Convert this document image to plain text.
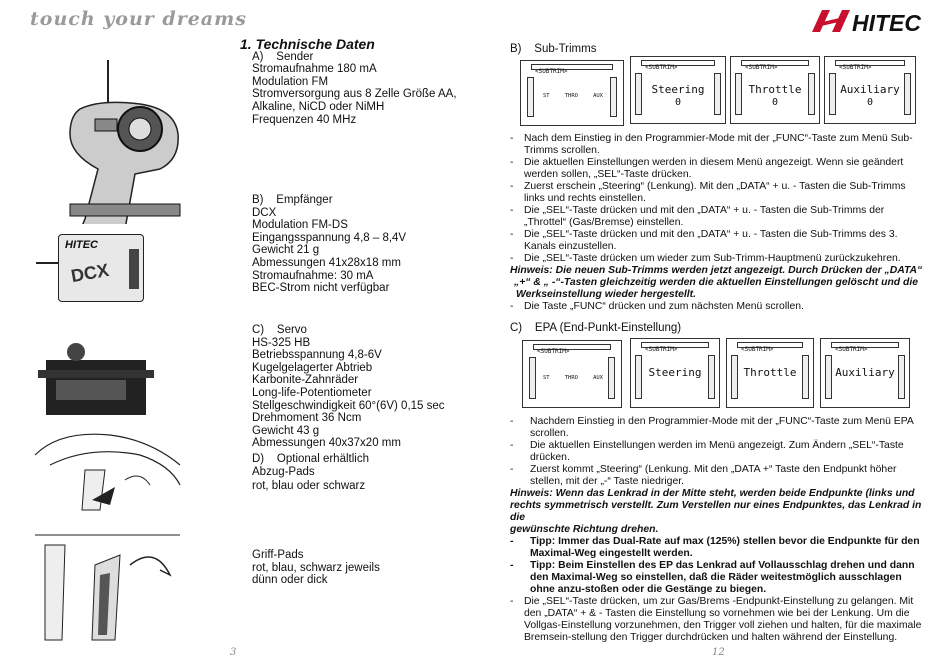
touch your dreams	HITEC
HITEC
DCX
1. Technische Daten
A)    Sender
Stromaufnahme 180 mA
Modulation FM
Stromversorgung aus 8 Zelle Größe AA,
Alkaline, NiCD oder NiMH
Frequenzen 40 MHz
B)    Empfänger
DCX
Modulation FM-DS
Eingangsspannung 4,8 – 8,4V
Gewicht 21 g
Abmessungen 41x28x18 mm
Stromaufnahme: 30 mA
BEC-Strom nicht verfügbar
C)    Servo
HS-325 HB
Betriebsspannung 4,8-6V
Kugelgelagerter Abtrieb
Karbonite-Zahnräder
Long-life-Potentiometer
Stellgeschwindigkeit 60°(6V) 0,15 sec
Drehmoment 36 Ncm
Gewicht 43 g
Abmessungen 40x37x20 mm
D)    Optional erhältlich
Abzug-Pads
rot, blau oder schwarz
Griff-Pads
rot, blau, schwarz jeweils
dünn oder dick
3
B)    Sub-Trimms
<SUBTRIM>
ST	THRO	AUX
<SUBTRIM>
Steering
0
<SUBTRIM>
Throttle
0
<SUBTRIM>
Auxiliary
0
-	Nach dem Einstieg in den Programmier-Mode mit der „FUNC“-Taste zum Menü Sub-Trimms scrollen.
-	Die aktuellen Einstellungen werden in diesem Menü angezeigt. Wenn sie geändert werden sollen, „SEL“-Taste drücken.
-	Zuerst erschein „Steering“ (Lenkung). Mit den „DATA“ + u. - Tasten die Sub-Trimms links und rechts einstellen.
-	Die „SEL“-Taste drücken und mit den „DATA“ + u. - Tasten die Sub-Trimms der „Throttel“ (Gas/Bremse) einstellen.
-	Die „SEL“-Taste drücken und mit den „DATA“ + u. - Tasten die Sub-Trimms des 3. Kanals einzustellen.
-	Die „SEL“-Taste drücken um wieder zum Sub-Trimm-Hauptmenü zurückzukehren.
Hinweis: Die neuen Sub-Trimms werden jetzt angezeigt. Durch Drücken der „DATA“
„+“ & „ -“-Tasten gleichzeitig werden die aktuellen Einstellungen gelöscht und die
Werkseinstellung wieder hergestellt.
-	Die Taste „FUNC“ drücken und zum nächsten Menü scrollen.
C)    EPA (End-Punkt-Einstellung)
<SUBTRIM>
ST	THRO	AUX
<SUBTRIM>
Steering
<SUBTRIM>
Throttle
<SUBTRIM>
Auxiliary
-	Nachdem Einstieg in den Programmier-Mode mit der „FUNC“-Taste zum Menü EPA scrollen.
-	Die aktuellen Einstellungen werden im Menü angezeigt. Zum Ändern „SEL“-Taste drücken.
-	Zuerst kommt „Steering“ (Lenkung. Mit den „DATA +“ Taste den Endpunkt höher stellen, mit der „-“ Taste niedriger.
Hinweis: Wenn das Lenkrad in der Mitte steht, werden beide Endpunkte (links und
rechts symmetrisch verstellt. Zum Verstellen nur eines Endpunktes, das Lenkrad in die
gewünschte Richtung drehen.
-	Tipp: Immer das Dual-Rate auf max (125%) stellen bevor die Endpunkte für den Maximal-Weg eingestellt werden.
-	Tipp: Beim Einstellen des EP das Lenkrad auf Vollausschlag drehen und dann den Maximal-Weg so einstellen, daß die Räder weitestmöglich ausschlagen ohne anzu-stoßen oder die Gestänge zu biegen.
-	Die „SEL“-Taste drücken, um zur Gas/Brems -Endpunkt-Einstellung zu gelangen. Mit den „DATA“ + & - Tasten die Einstellung so vornehmen wie bei der Lenkung. Um die Vollgas-Einstellung vorzunehmen, den Trigger voll ziehen und halten, für die maximale Bremsein-stellung den Trigger durchdrücken und halten während der Einstellung.
12
